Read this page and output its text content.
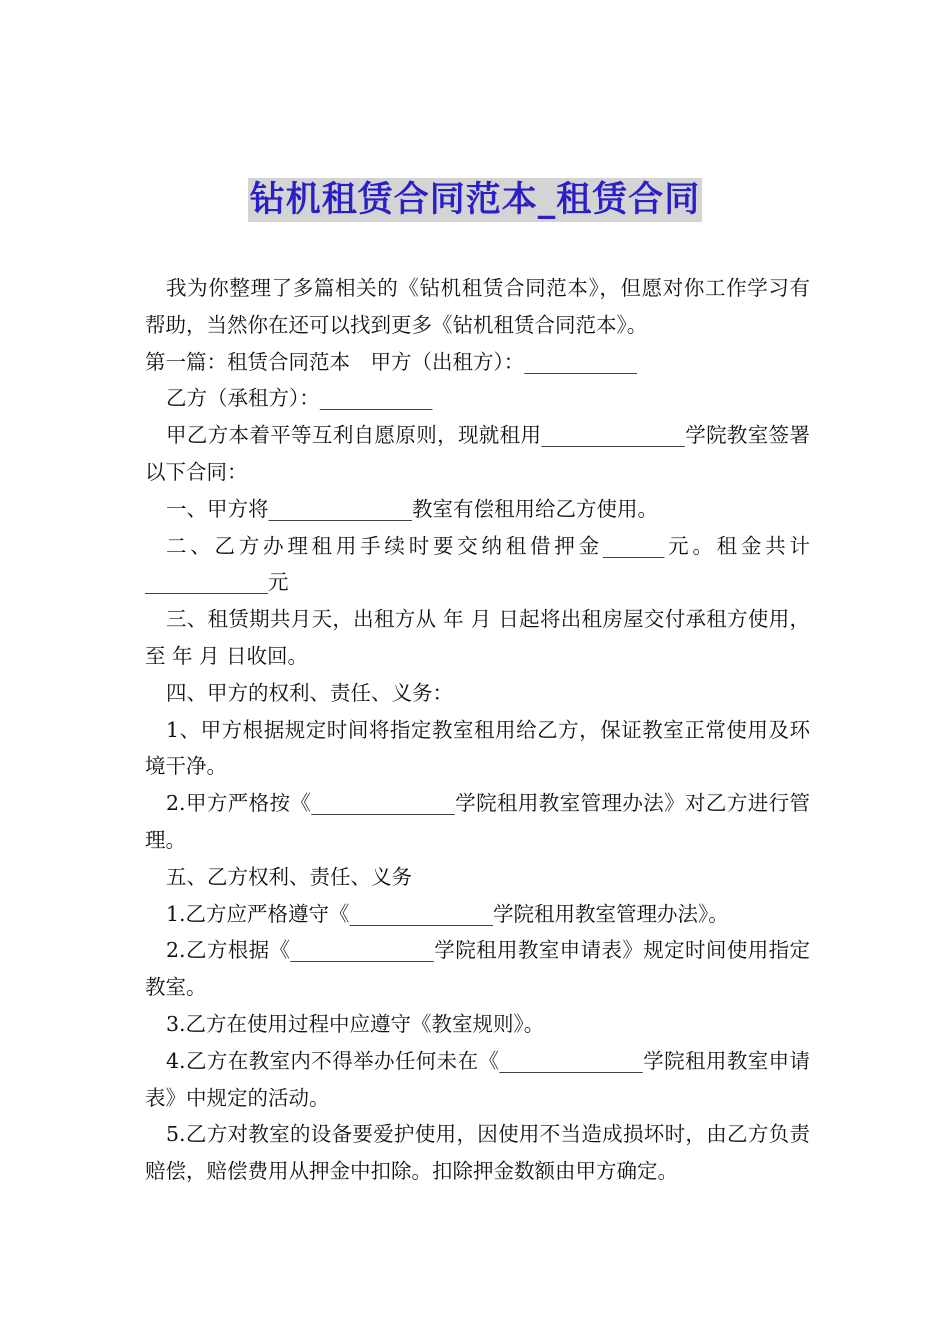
钻机租赁合同范本_租赁合同

我为你整理了多篇相关的《钻机租赁合同范本》，但愿对你工作学习有帮助，当然你在还可以找到更多《钻机租赁合同范本》。

第一篇：租赁合同范本　甲方（出租方）：___________

乙方（承租方）：___________

甲乙方本着平等互利自愿原则，现就租用______________学院教室签署以下合同：

一、甲方将______________教室有偿租用给乙方使用。

二、乙方办理租用手续时要交纳租借押金______元。租金共计____________元

三、租赁期共月天，出租方从 年 月 日起将出租房屋交付承租方使用，至 年 月 日收回。

四、甲方的权利、责任、义务：

1、甲方根据规定时间将指定教室租用给乙方，保证教室正常使用及环境干净。

2.甲方严格按《______________学院租用教室管理办法》对乙方进行管理。

五、乙方权利、责任、义务

1.乙方应严格遵守《______________学院租用教室管理办法》。

2.乙方根据《______________学院租用教室申请表》规定时间使用指定教室。

3.乙方在使用过程中应遵守《教室规则》。

4.乙方在教室内不得举办任何未在《______________学院租用教室申请表》中规定的活动。

5.乙方对教室的设备要爱护使用，因使用不当造成损坏时，由乙方负责赔偿，赔偿费用从押金中扣除。扣除押金数额由甲方确定。
